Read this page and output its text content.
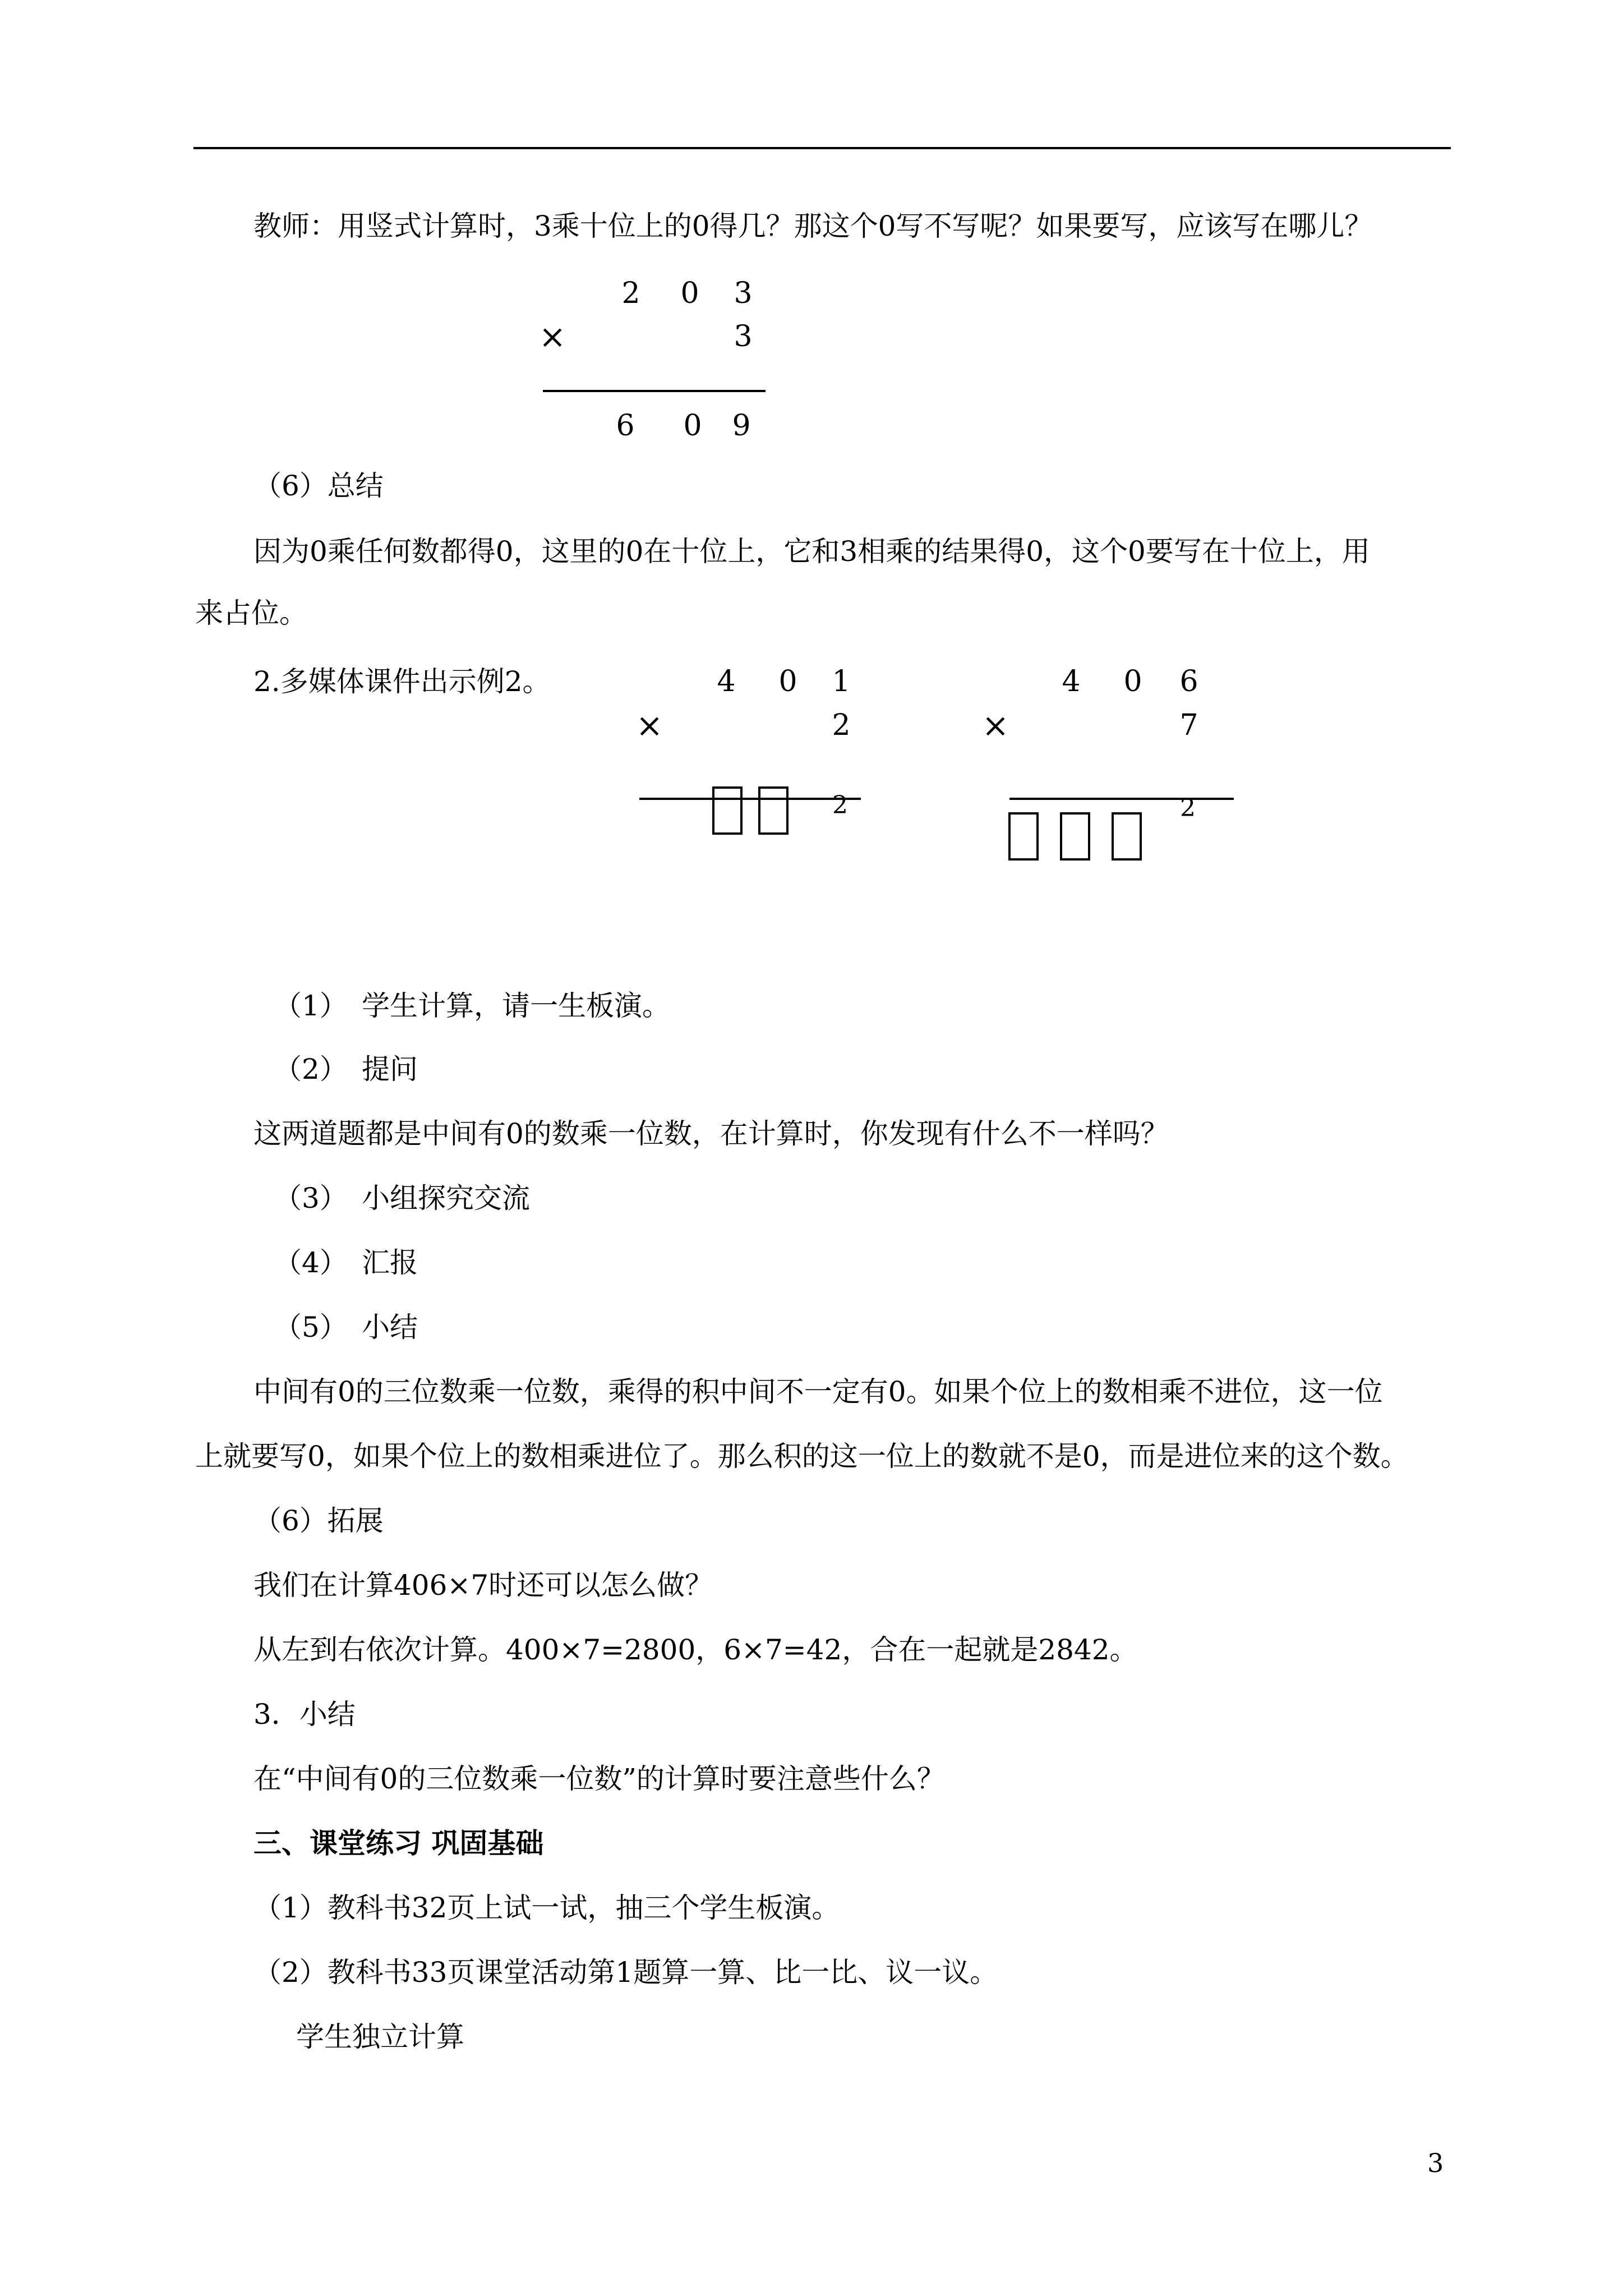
教师：用竖式计算时，3乘十位上的0得几？那这个0写不写呢？如果要写，应该写在哪儿？
2 0 3
×	3
6 0 9
（6）总结
因为0乘任何数都得0，这里的0在十位上，它和3相乘的结果得0，这个0要写在十位上，用
来占位。
2.多媒体课件出示例2。	4 0 1
×	2
2
4 0 6
×	7
2
（1） 学生计算，请一生板演。
（2） 提问
这两道题都是中间有0的数乘一位数，在计算时，你发现有什么不一样吗？
（3） 小组探究交流
（4） 汇报
（5） 小结
中间有0的三位数乘一位数，乘得的积中间不一定有0。如果个位上的数相乘不进位，这一位
上就要写0，如果个位上的数相乘进位了。那么积的这一位上的数就不是0，而是进位来的这个数。
（6）拓展
我们在计算406×7时还可以怎么做？
从左到右依次计算。400×7=2800，6×7=42，合在一起就是2842。
3．小结
在“中间有0的三位数乘一位数”的计算时要注意些什么？
三、课堂练习 巩固基础
（1）教科书32页上试一试，抽三个学生板演。
（2）教科书33页课堂活动第1题算一算、比一比、议一议。
学生独立计算
3
